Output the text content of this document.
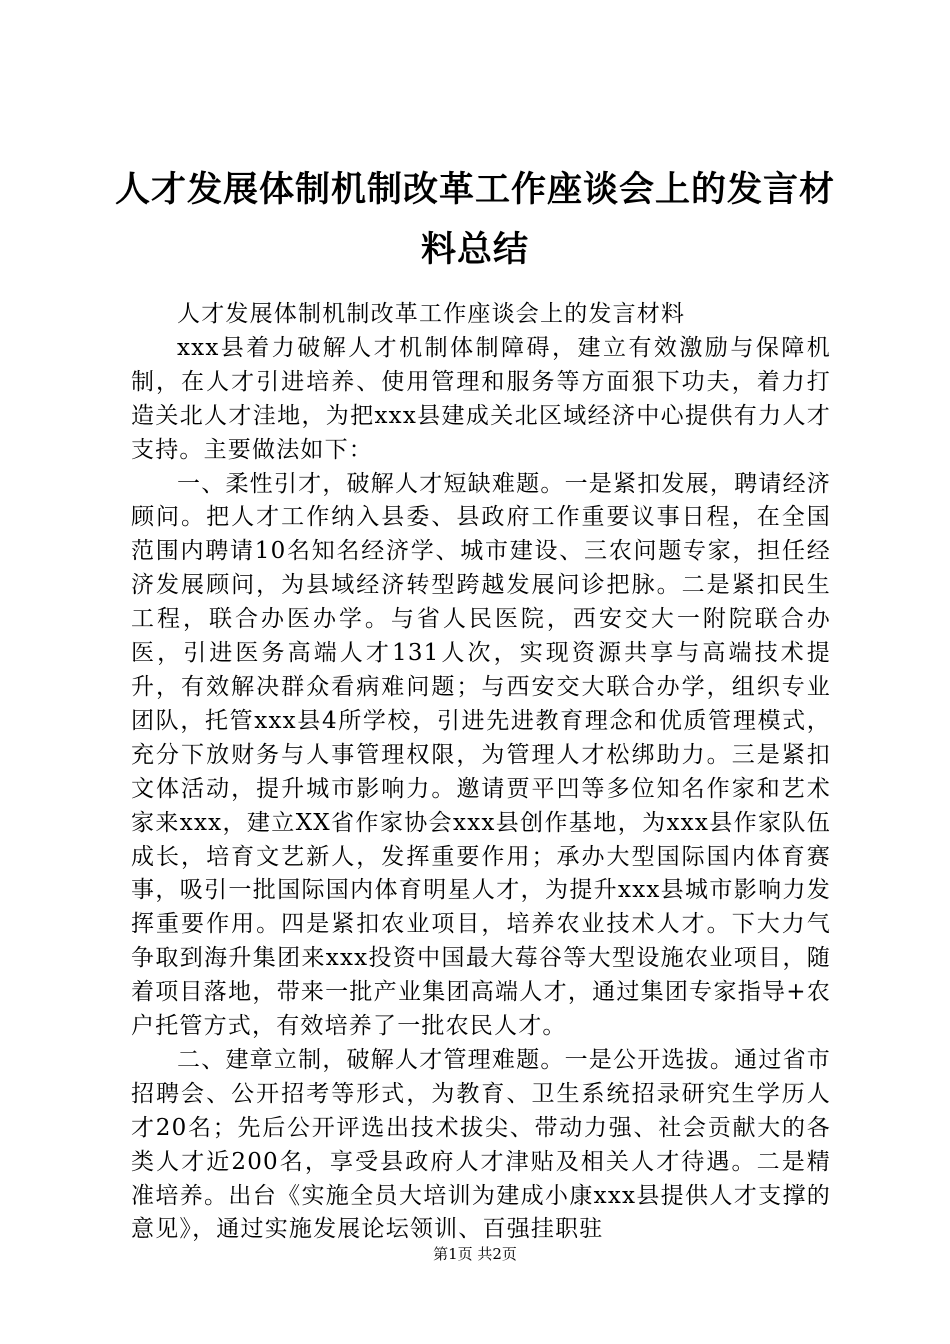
人才发展体制机制改革工作座谈会上的发言材料总结

人才发展体制机制改革工作座谈会上的发言材料

xxx县着力破解人才机制体制障碍，建立有效激励与保障机制，在人才引进培养、使用管理和服务等方面狠下功夫，着力打造关北人才洼地，为把xxx县建成关北区域经济中心提供有力人才支持。主要做法如下：

一、柔性引才，破解人才短缺难题。一是紧扣发展，聘请经济顾问。把人才工作纳入县委、县政府工作重要议事日程，在全国范围内聘请10名知名经济学、城市建设、三农问题专家，担任经济发展顾问，为县域经济转型跨越发展问诊把脉。二是紧扣民生工程，联合办医办学。与省人民医院，西安交大一附院联合办医，引进医务高端人才131人次，实现资源共享与高端技术提升，有效解决群众看病难问题；与西安交大联合办学，组织专业团队，托管xxx县4所学校，引进先进教育理念和优质管理模式，充分下放财务与人事管理权限，为管理人才松绑助力。三是紧扣文体活动，提升城市影响力。邀请贾平凹等多位知名作家和艺术家来xxx，建立XX省作家协会xxx县创作基地，为xxx县作家队伍成长，培育文艺新人，发挥重要作用；承办大型国际国内体育赛事，吸引一批国际国内体育明星人才，为提升xxx县城市影响力发挥重要作用。四是紧扣农业项目，培养农业技术人才。下大力气争取到海升集团来xxx投资中国最大莓谷等大型设施农业项目，随着项目落地，带来一批产业集团高端人才，通过集团专家指导+农户托管方式，有效培养了一批农民人才。

二、建章立制，破解人才管理难题。一是公开选拔。通过省市招聘会、公开招考等形式，为教育、卫生系统招录研究生学历人才20名；先后公开评选出技术拔尖、带动力强、社会贡献大的各类人才近200名，享受县政府人才津贴及相关人才待遇。二是精准培养。出台《实施全员大培训为建成小康xxx县提供人才支撑的意见》，通过实施发展论坛领训、百强挂职驻

第1页 共2页
